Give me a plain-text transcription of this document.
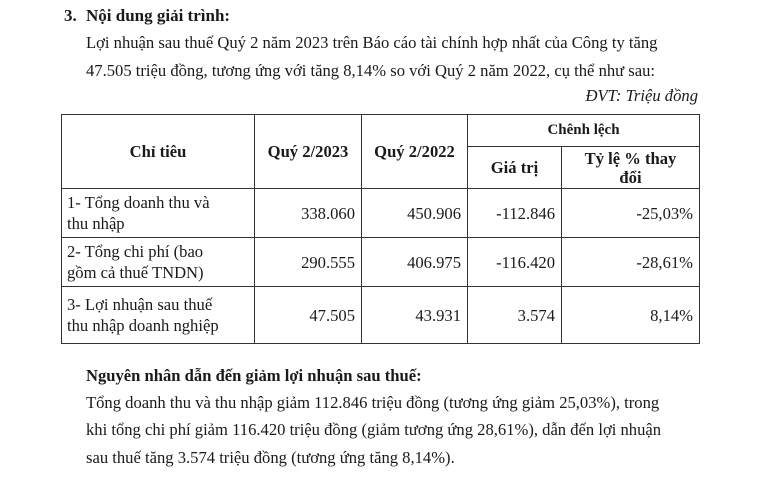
3. Nội dung giải trình:
Lợi nhuận sau thuế Quý 2 năm 2023 trên Báo cáo tài chính hợp nhất của Công ty tăng
47.505 triệu đồng, tương ứng với tăng 8,14% so với Quý 2 năm 2022, cụ thể như sau:
ĐVT: Triệu đồng
Chỉ tiêu	Quý 2/2023	Quý 2/2022	Chênh lệch	
			Giá trị	Tỷ lệ % thay
đổi
1- Tổng doanh thu và
thu nhập	338.060	450.906	-112.846	-25,03%
2- Tổng chi phí (bao
gồm cả thuế TNDN)	290.555	406.975	-116.420	-28,61%
3- Lợi nhuận sau thuế
thu nhập doanh nghiệp	47.505	43.931	3.574	8,14%
Nguyên nhân dẫn đến giảm lợi nhuận sau thuế:
Tổng doanh thu và thu nhập giảm 112.846 triệu đồng (tương ứng giảm 25,03%), trong
khi tổng chi phí giảm 116.420 triệu đồng (giảm tương ứng 28,61%), dẫn đến lợi nhuận
sau thuế tăng 3.574 triệu đồng (tương ứng tăng 8,14%).
